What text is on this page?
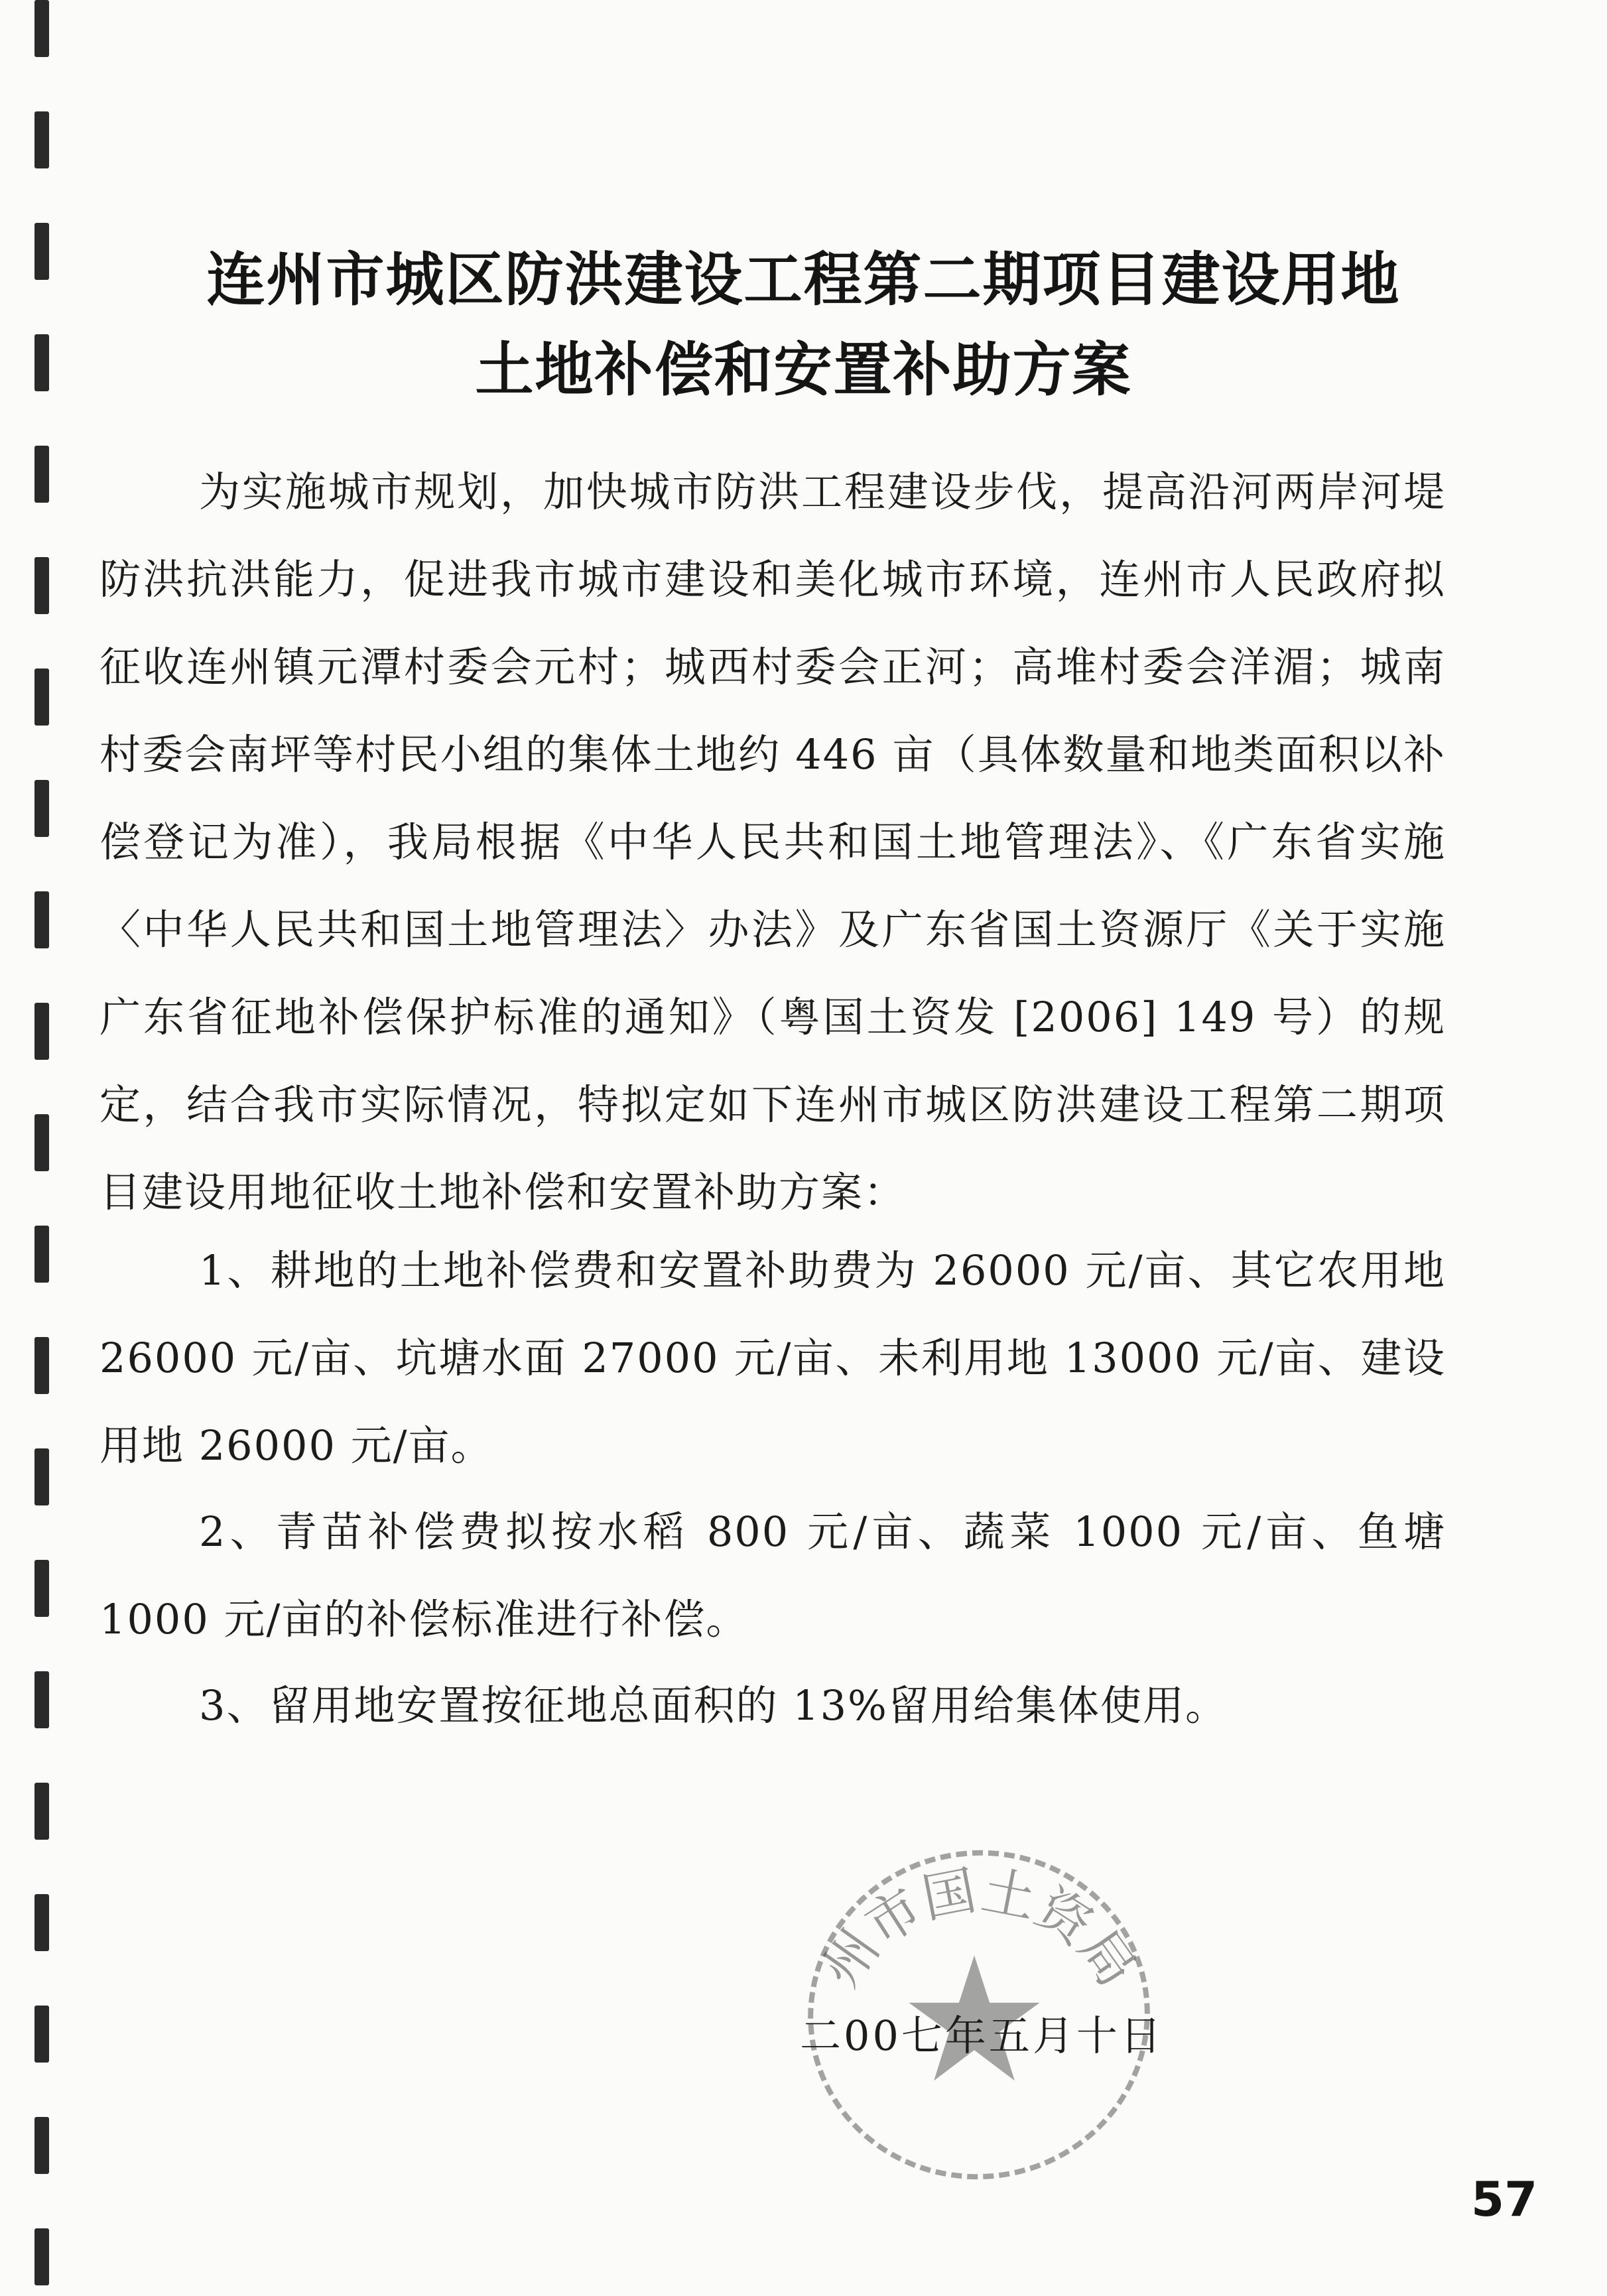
连州市城区防洪建设工程第二期项目建设用地
土地补偿和安置补助方案

为实施城市规划，加快城市防洪工程建设步伐，提高沿河两岸河堤防洪抗洪能力，促进我市城市建设和美化城市环境，连州市人民政府拟征收连州镇元潭村委会元村；城西村委会正河；高堆村委会洋湄；城南村委会南坪等村民小组的集体土地约 446 亩（具体数量和地类面积以补偿登记为准），我局根据《中华人民共和国土地管理法》、《广东省实施〈中华人民共和国土地管理法〉办法》及广东省国土资源厅《关于实施广东省征地补偿保护标准的通知》（粤国土资发 [2006] 149 号）的规定，结合我市实际情况，特拟定如下连州市城区防洪建设工程第二期项目建设用地征收土地补偿和安置补助方案：

1、耕地的土地补偿费和安置补助费为 26000 元/亩、其它农用地 26000 元/亩、坑塘水面 27000 元/亩、未利用地 13000 元/亩、建设用地 26000 元/亩。

2、青苗补偿费拟按水稻 800 元/亩、蔬菜 1000 元/亩、鱼塘 1000 元/亩的补偿标准进行补偿。

3、留用地安置按征地总面积的 13%留用给集体使用。

州市国土资局

二00七年五月十日

57
